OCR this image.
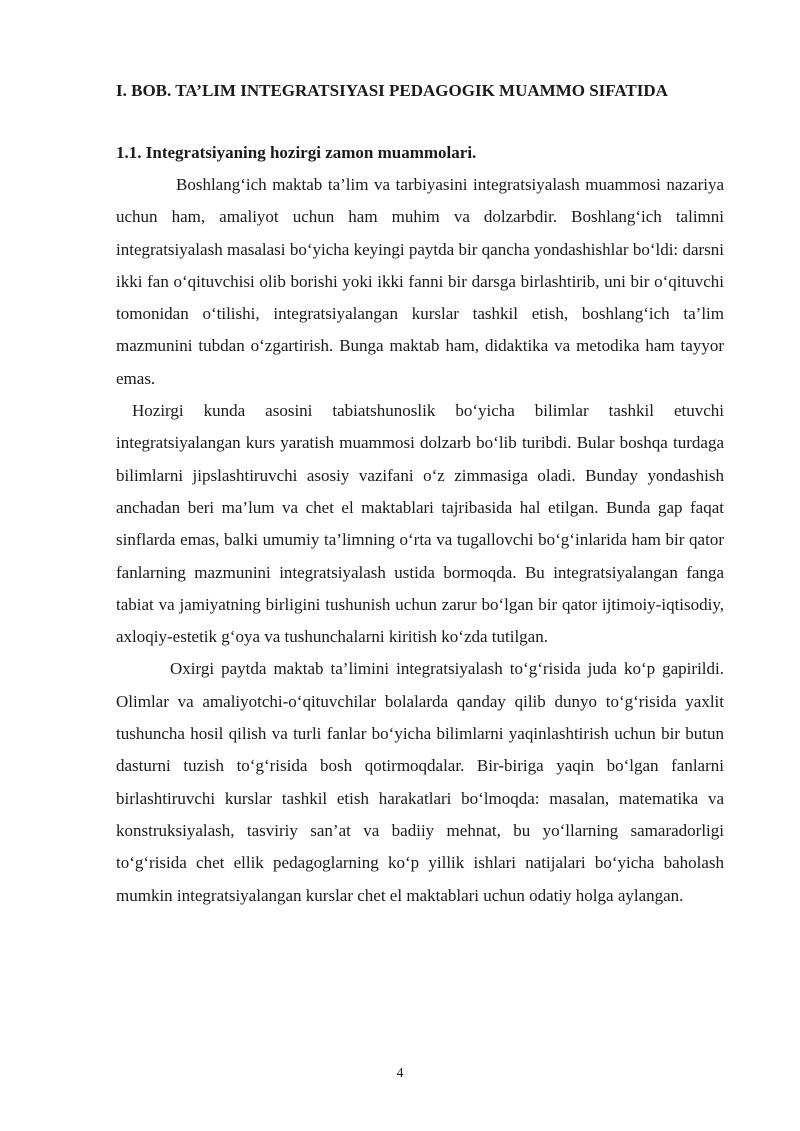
I. BOB. TA’LIM INTEGRATSIYASI PEDAGOGIK MUAMMO SIFATIDA

1.1. Integratsiyaning hozirgi zamon muammolari.

Boshlang‘ich maktab ta’lim va tarbiyasini integratsiyalash muammosi nazariya uchun ham, amaliyot uchun ham muhim va dolzarbdir. Boshlang‘ich talimni integratsiyalash masalasi bo‘yicha keyingi paytda bir qancha yondashishlar bo‘ldi: darsni ikki fan o‘qituvchisi olib borishi yoki ikki fanni bir darsga birlashtirib, uni bir o‘qituvchi tomonidan o‘tilishi, integratsiyalangan kurslar tashkil etish, boshlang‘ich ta’lim mazmunini tubdan o‘zgartirish. Bunga maktab ham, didaktika va metodika ham tayyor emas.

Hozirgi kunda asosini tabiatshunoslik bo‘yicha bilimlar tashkil etuvchi integratsiyalangan kurs yaratish muammosi dolzarb bo‘lib turibdi. Bular boshqa turdaga bilimlarni jipslashtiruvchi asosiy vazifani o‘z zimmasiga oladi. Bunday yondashish anchadan beri ma’lum va chet el maktablari tajribasida hal etilgan. Bunda gap faqat sinflarda emas, balki umumiy ta’limning o‘rta va tugallovchi bo‘g‘inlarida ham bir qator fanlarning mazmunini integratsiyalash ustida bormoqda. Bu integratsiyalangan fanga tabiat va jamiyatning birligini tushunish uchun zarur bo‘lgan bir qator ijtimoiy-iqtisodiy, axloqiy-estetik g‘oya va tushunchalarni kiritish ko‘zda tutilgan.

Oxirgi paytda maktab ta’limini integratsiyalash to‘g‘risida juda ko‘p gapirildi. Olimlar va amaliyotchi-o‘qituvchilar bolalarda qanday qilib dunyo to‘g‘risida yaxlit tushuncha hosil qilish va turli fanlar bo‘yicha bilimlarni yaqinlashtirish uchun bir butun dasturni tuzish to‘g‘risida bosh qotirmoqdalar. Bir-biriga yaqin bo‘lgan fanlarni birlashtiruvchi kurslar tashkil etish harakatlari bo‘lmoqda: masalan, matematika va konstruksiyalash, tasviriy san’at va badiiy mehnat, bu yo‘llarning samaradorligi to‘g‘risida chet ellik pedagoglarning ko‘p yillik ishlari natijalari bo‘yicha baholash mumkin integratsiyalangan kurslar chet el maktablari uchun odatiy holga aylangan.

4
